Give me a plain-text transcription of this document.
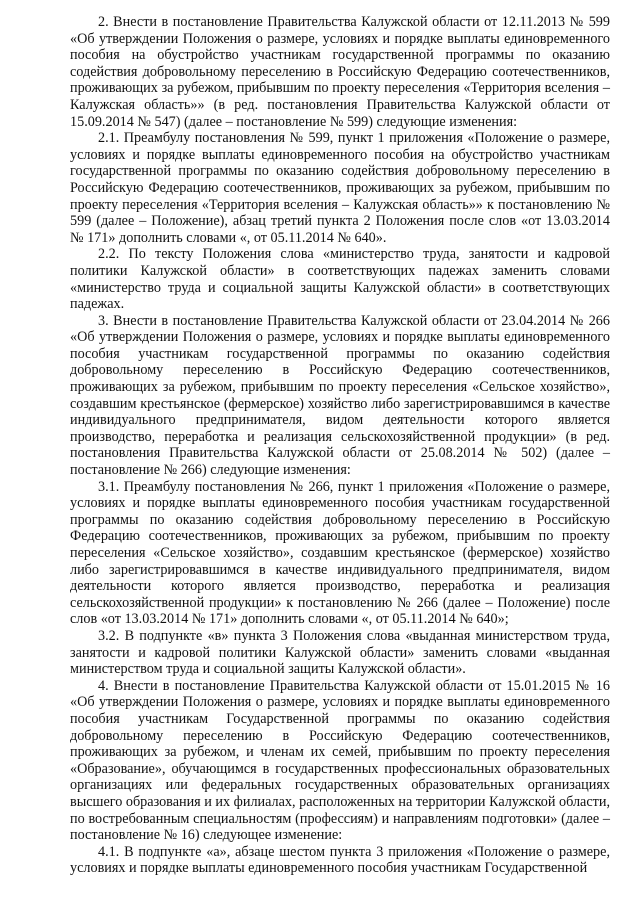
2. Внести в постановление Правительства Калужской области от 12.11.2013 № 599 «Об утверждении Положения о размере, условиях и порядке выплаты единовременного пособия на обустройство участникам государственной программы по оказанию содействия добровольному переселению в Российскую Федерацию соотечественников, проживающих за рубежом, прибывшим по проекту переселения «Территория вселения – Калужская область»» (в ред. постановления Правительства Калужской области от 15.09.2014 № 547) (далее – постановление № 599) следующие изменения:

2.1. Преамбулу постановления № 599, пункт 1 приложения «Положение о размере, условиях и порядке выплаты единовременного пособия на обустройство участникам государственной программы по оказанию содействия добровольному переселению в Российскую Федерацию соотечественников, проживающих за рубежом, прибывшим по проекту переселения «Территория вселения – Калужская область»» к постановлению № 599 (далее – Положение), абзац третий пункта 2 Положения после слов «от 13.03.2014 № 171» дополнить словами «, от 05.11.2014 № 640».

2.2. По тексту Положения слова «министерство труда, занятости и кадровой политики Калужской области» в соответствующих падежах заменить словами «министерство труда и социальной защиты Калужской области» в соответствующих падежах.

3. Внести в постановление Правительства Калужской области от 23.04.2014 № 266 «Об утверждении Положения о размере, условиях и порядке выплаты единовременного пособия участникам государственной программы по оказанию содействия добровольному переселению в Российскую Федерацию соотечественников, проживающих за рубежом, прибывшим по проекту переселения «Сельское хозяйство», создавшим крестьянское (фермерское) хозяйство либо зарегистрировавшимся в качестве индивидуального предпринимателя, видом деятельности которого является производство, переработка и реализация сельскохозяйственной продукции» (в ред. постановления Правительства Калужской области от 25.08.2014 № 502) (далее – постановление № 266) следующие изменения:

3.1. Преамбулу постановления № 266, пункт 1 приложения «Положение о размере, условиях и порядке выплаты единовременного пособия участникам государственной программы по оказанию содействия добровольному переселению в Российскую Федерацию соотечественников, проживающих за рубежом, прибывшим по проекту переселения «Сельское хозяйство», создавшим крестьянское (фермерское) хозяйство либо зарегистрировавшимся в качестве индивидуального предпринимателя, видом деятельности которого является производство, переработка и реализация сельскохозяйственной продукции» к постановлению № 266 (далее – Положение) после слов «от 13.03.2014 № 171» дополнить словами «, от 05.11.2014 № 640»;

3.2. В подпункте «в» пункта 3 Положения слова «выданная министерством труда, занятости и кадровой политики Калужской области» заменить словами «выданная министерством труда и социальной защиты Калужской области».

4. Внести в постановление Правительства Калужской области от 15.01.2015 № 16 «Об утверждении Положения о размере, условиях и порядке выплаты единовременного пособия участникам Государственной программы по оказанию содействия добровольному переселению в Российскую Федерацию соотечественников, проживающих за рубежом, и членам их семей, прибывшим по проекту переселения «Образование», обучающимся в государственных профессиональных образовательных организациях или федеральных государственных образовательных организациях высшего образования и их филиалах, расположенных на территории Калужской области, по востребованным специальностям (профессиям) и направлениям подготовки» (далее – постановление № 16) следующее изменение:

4.1. В подпункте «а», абзаце шестом пункта 3 приложения «Положение о размере, условиях и порядке выплаты единовременного пособия участникам Государственной
